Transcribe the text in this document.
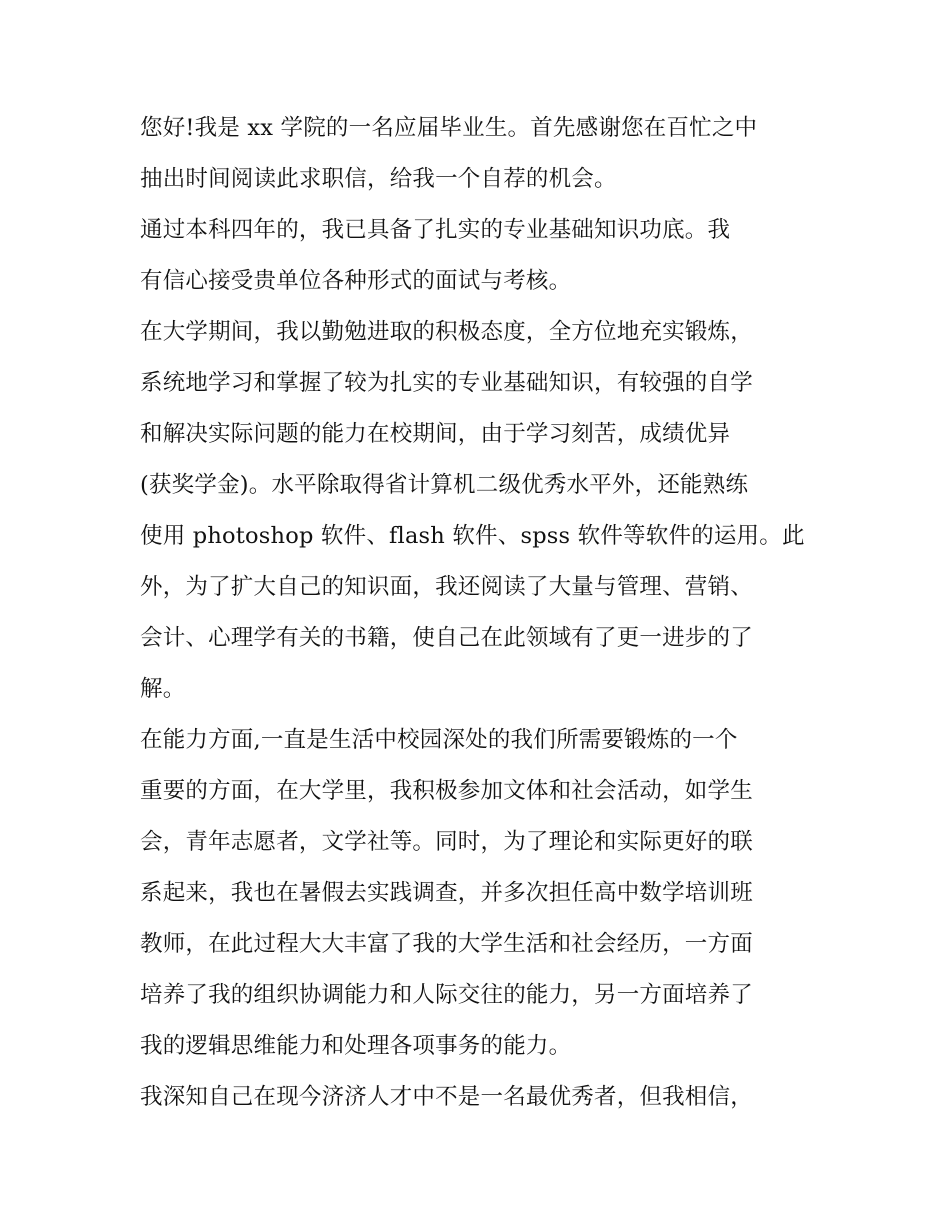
您好!我是 xx 学院的一名应届毕业生。首先感谢您在百忙之中
抽出时间阅读此求职信，给我一个自荐的机会。
通过本科四年的，我已具备了扎实的专业基础知识功底。我
有信心接受贵单位各种形式的面试与考核。
在大学期间，我以勤勉进取的积极态度，全方位地充实锻炼，
系统地学习和掌握了较为扎实的专业基础知识，有较强的自学
和解决实际问题的能力在校期间，由于学习刻苦，成绩优异
(获奖学金)。水平除取得省计算机二级优秀水平外，还能熟练
使用 photoshop 软件、flash 软件、spss 软件等软件的运用。此
外，为了扩大自己的知识面，我还阅读了大量与管理、营销、
会计、心理学有关的书籍，使自己在此领域有了更一进步的了
解。
在能力方面,一直是生活中校园深处的我们所需要锻炼的一个
重要的方面，在大学里，我积极参加文体和社会活动，如学生
会，青年志愿者，文学社等。同时，为了理论和实际更好的联
系起来，我也在暑假去实践调查，并多次担任高中数学培训班
教师，在此过程大大丰富了我的大学生活和社会经历，一方面
培养了我的组织协调能力和人际交往的能力，另一方面培养了
我的逻辑思维能力和处理各项事务的能力。
我深知自己在现今济济人才中不是一名最优秀者，但我相信，
